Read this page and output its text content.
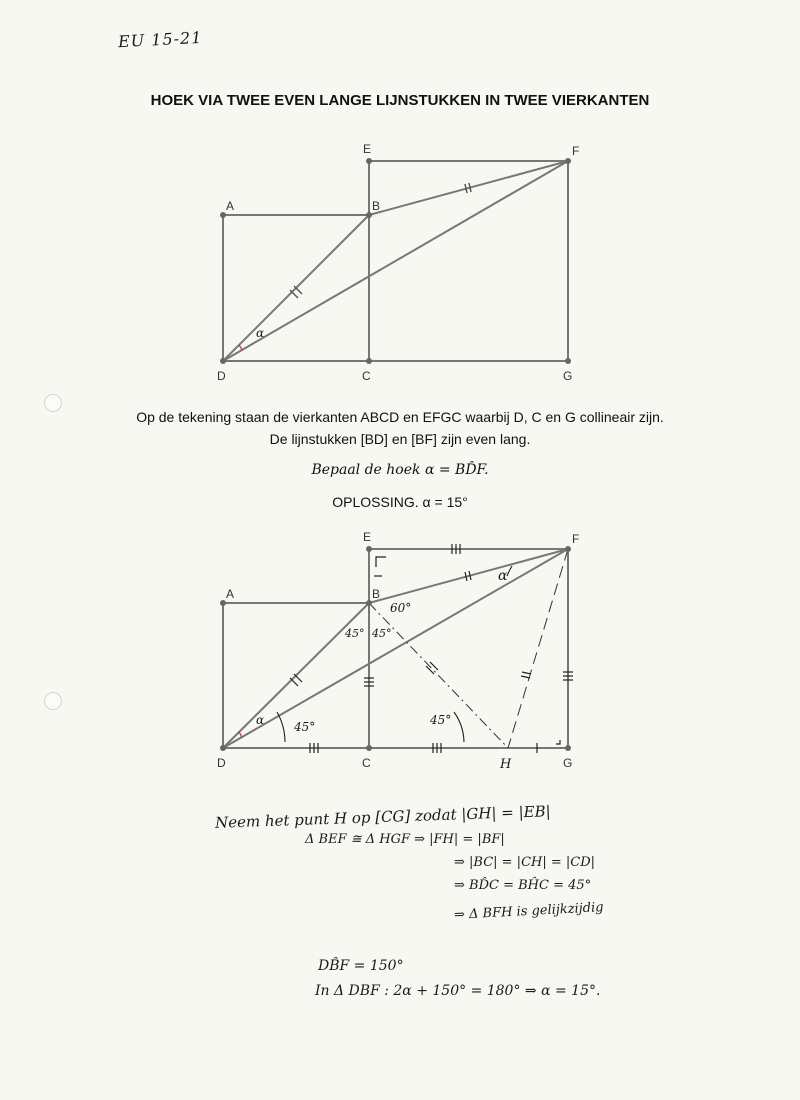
EU 15-21
HOEK VIA TWEE EVEN LANGE LIJNSTUKKEN IN TWEE VIERKANTEN
α
A	B
C
D
E	F
G
Op de tekening staan de vierkanten ABCD en EFGC waarbij D, C en G collineair zijn.
De lijnstukken [BD] en [BF] zijn even lang.
Bepaal de hoek α = BD̂F.
OPLOSSING. α = 15°
α
α
60°
45° 45°
45°	45°
A	B
C
D
E	F
G
H
Neem het punt H op [CG] zodat |GH| = |EB|
Δ BEF ≅ Δ HGF ⇒ |FH| = |BF|
⇒ |BC| = |CH| = |CD|
⇒ BD̂C = BĤC = 45°
⇒ Δ BFH is gelijkzijdig
DB̂F = 150°
In Δ DBF : 2α + 150° = 180° ⇒ α = 15°.
